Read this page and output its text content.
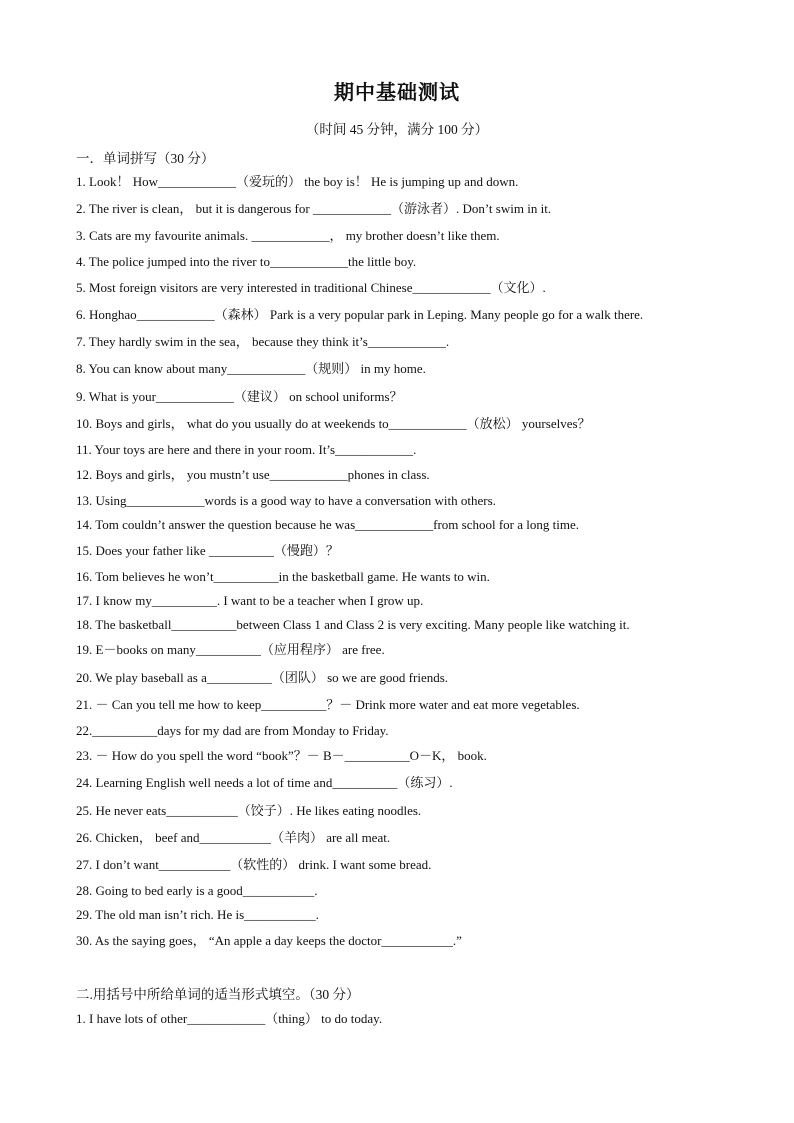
期中基础测试
（时间 45 分钟，满分 100 分）
一．单词拼写（30 分）
1. Look！ How____________（爱玩的） the boy is！ He is jumping up and down.
2. The river is clean， but it is dangerous for ____________（游泳者）. Don’t swim in it.
3. Cats are my favourite animals. ____________， my brother doesn’t like them.
4. The police jumped into the river to____________the little boy.
5. Most foreign visitors are very interested in traditional Chinese____________（文化）.
6. Honghao____________（森林） Park is a very popular park in Leping. Many people go for a walk there.
7. They hardly swim in the sea， because they think it’s____________.
8. You can know about many____________（规则） in my home.
9. What is your____________（建议） on school uniforms？
10. Boys and girls， what do you usually do at weekends to____________（放松） yourselves？
11. Your toys are here and there in your room. It’s____________.
12. Boys and girls， you mustn’t use____________phones in class.
13. Using____________words is a good way to have a conversation with others.
14. Tom couldn’t answer the question because he was____________from school for a long time.
15. Does your father like __________（慢跑）？
16. Tom believes he won’t__________in the basketball game. He wants to win.
17. I know my__________. I want to be a teacher when I grow up.
18. The basketball__________between Class 1 and Class 2 is very exciting. Many people like watching it.
19. E－books on many__________（应用程序） are free.
20. We play baseball as a__________（团队） so we are good friends.
21. － Can you tell me how to keep__________？－ Drink more water and eat more vegetables.
22.__________days for my dad are from Monday to Friday.
23. － How do you spell the word “book”？－ B－__________O－K， book.
24. Learning English well needs a lot of time and__________（练习）.
25. He never eats___________（饺子）. He likes eating noodles.
26. Chicken， beef and___________（羊肉） are all meat.
27. I don’t want___________（软性的） drink. I want some bread.
28. Going to bed early is a good___________.
29. The old man isn’t rich. He is___________.
30. As the saying goes， “An apple a day keeps the doctor___________.”
二.用括号中所给单词的适当形式填空。（30 分）
1. I have lots of other____________（thing） to do today.
